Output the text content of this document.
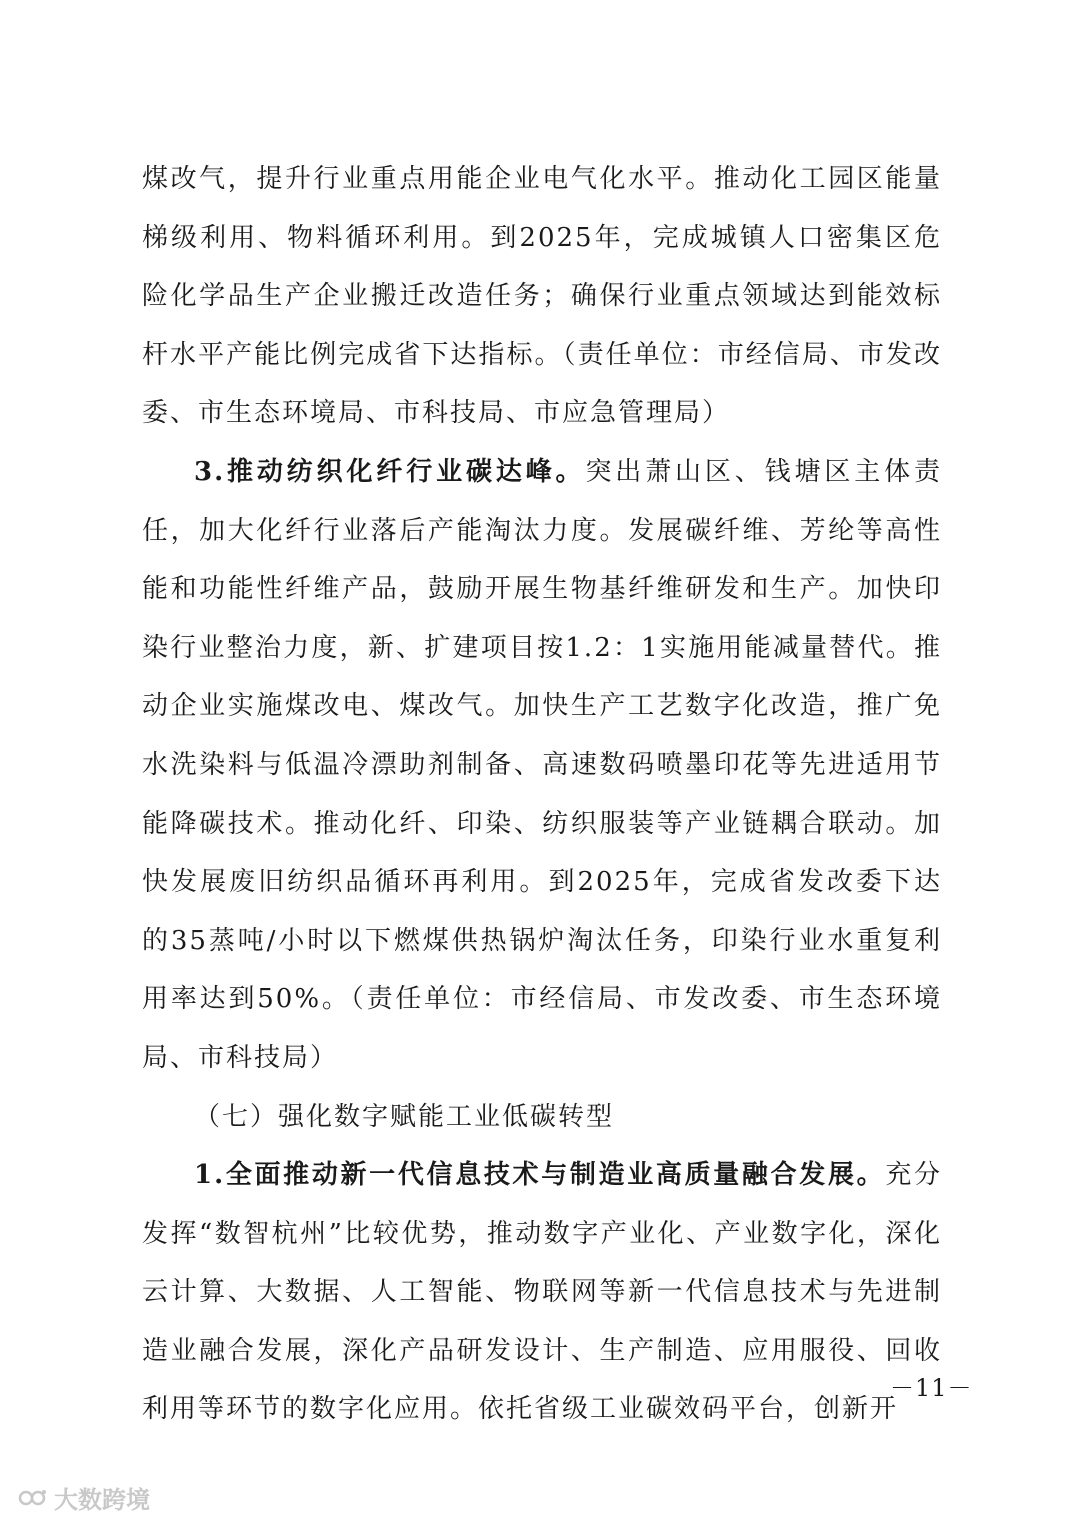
煤改气，提升行业重点用能企业电气化水平。推动化工园区能量梯级利用、物料循环利用。到2025年，完成城镇人口密集区危险化学品生产企业搬迁改造任务；确保行业重点领域达到能效标杆水平产能比例完成省下达指标。（责任单位：市经信局、市发改委、市生态环境局、市科技局、市应急管理局）

3.推动纺织化纤行业碳达峰。突出萧山区、钱塘区主体责任，加大化纤行业落后产能淘汰力度。发展碳纤维、芳纶等高性能和功能性纤维产品，鼓励开展生物基纤维研发和生产。加快印染行业整治力度，新、扩建项目按1.2：1实施用能减量替代。推动企业实施煤改电、煤改气。加快生产工艺数字化改造，推广免水洗染料与低温冷漂助剂制备、高速数码喷墨印花等先进适用节能降碳技术。推动化纤、印染、纺织服装等产业链耦合联动。加快发展废旧纺织品循环再利用。到2025年，完成省发改委下达的35蒸吨/小时以下燃煤供热锅炉淘汰任务，印染行业水重复利用率达到50%。（责任单位：市经信局、市发改委、市生态环境局、市科技局）

（七）强化数字赋能工业低碳转型

1.全面推动新一代信息技术与制造业高质量融合发展。充分发挥“数智杭州”比较优势，推动数字产业化、产业数字化，深化云计算、大数据、人工智能、物联网等新一代信息技术与先进制造业融合发展，深化产品研发设计、生产制造、应用服役、回收利用等环节的数字化应用。依托省级工业碳效码平台，创新开

－11－
大数跨境
